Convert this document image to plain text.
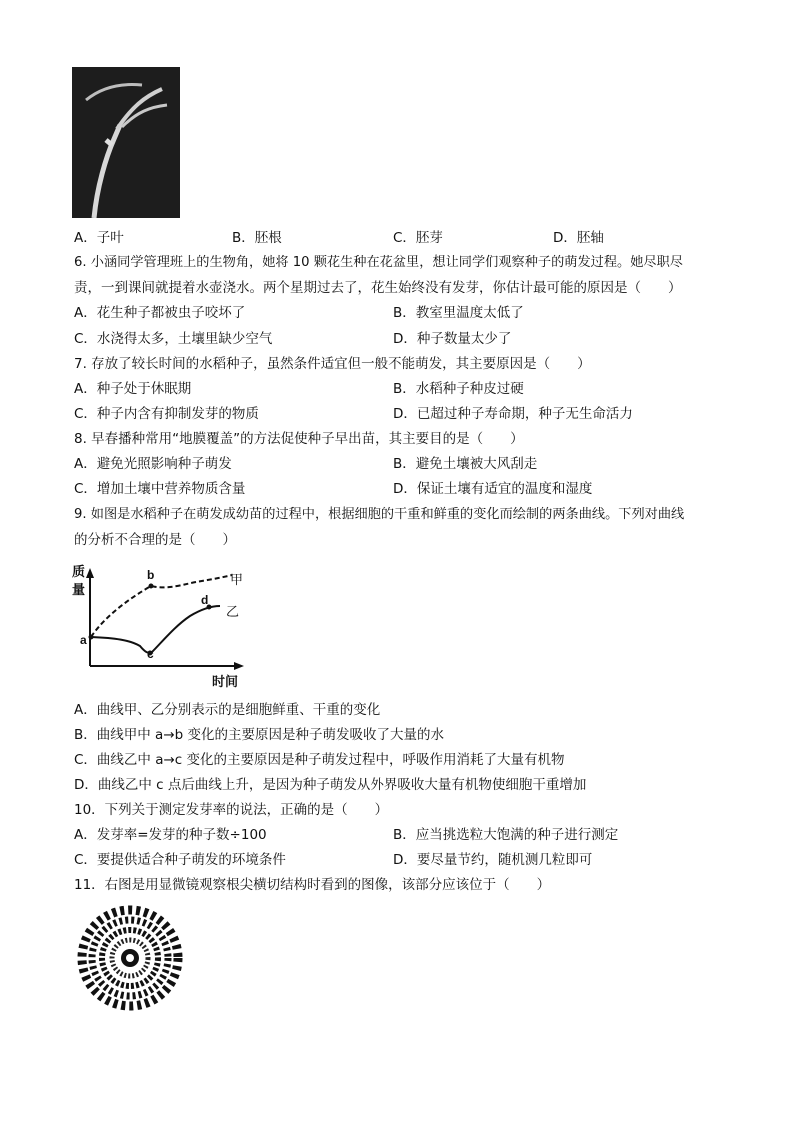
A．子叶	B．胚根	C．胚芽	D．胚轴
6. 小涵同学管理班上的生物角，她将 10 颗花生种在花盆里，想让同学们观察种子的萌发过程。她尽职尽
责，一到课间就提着水壶浇水。两个星期过去了，花生始终没有发芽，你估计最可能的原因是（　　）
A．花生种子都被虫子咬坏了	B．教室里温度太低了
C．水浇得太多，土壤里缺少空气	D．种子数量太少了
7. 存放了较长时间的水稻种子，虽然条件适宜但一般不能萌发，其主要原因是（　　）
A．种子处于休眠期	B．水稻种子种皮过硬
C．种子内含有抑制发芽的物质	D．已超过种子寿命期，种子无生命活力
8. 早春播种常用“地膜覆盖”的方法促使种子早出苗，其主要目的是（　　）
A．避免光照影响种子萌发	B．避免土壤被大风刮走
C．增加土壤中营养物质含量	D．保证土壤有适宜的温度和湿度
9. 如图是水稻种子在萌发成幼苗的过程中，根据细胞的干重和鲜重的变化而绘制的两条曲线。下列对曲线
的分析不合理的是（　　）
质
量
时间
甲
乙
a
b
c
d
A．曲线甲、乙分别表示的是细胞鲜重、干重的变化
B．曲线甲中 a→b 变化的主要原因是种子萌发吸收了大量的水
C．曲线乙中 a→c 变化的主要原因是种子萌发过程中，呼吸作用消耗了大量有机物
D．曲线乙中 c 点后曲线上升，是因为种子萌发从外界吸收大量有机物使细胞干重增加
10．下列关于测定发芽率的说法，正确的是（　　）
A．发芽率=发芽的种子数÷100	B．应当挑选粒大饱满的种子进行测定
C．要提供适合种子萌发的环境条件	D．要尽量节约，随机测几粒即可
11．右图是用显微镜观察根尖横切结构时看到的图像，该部分应该位于（　　）
